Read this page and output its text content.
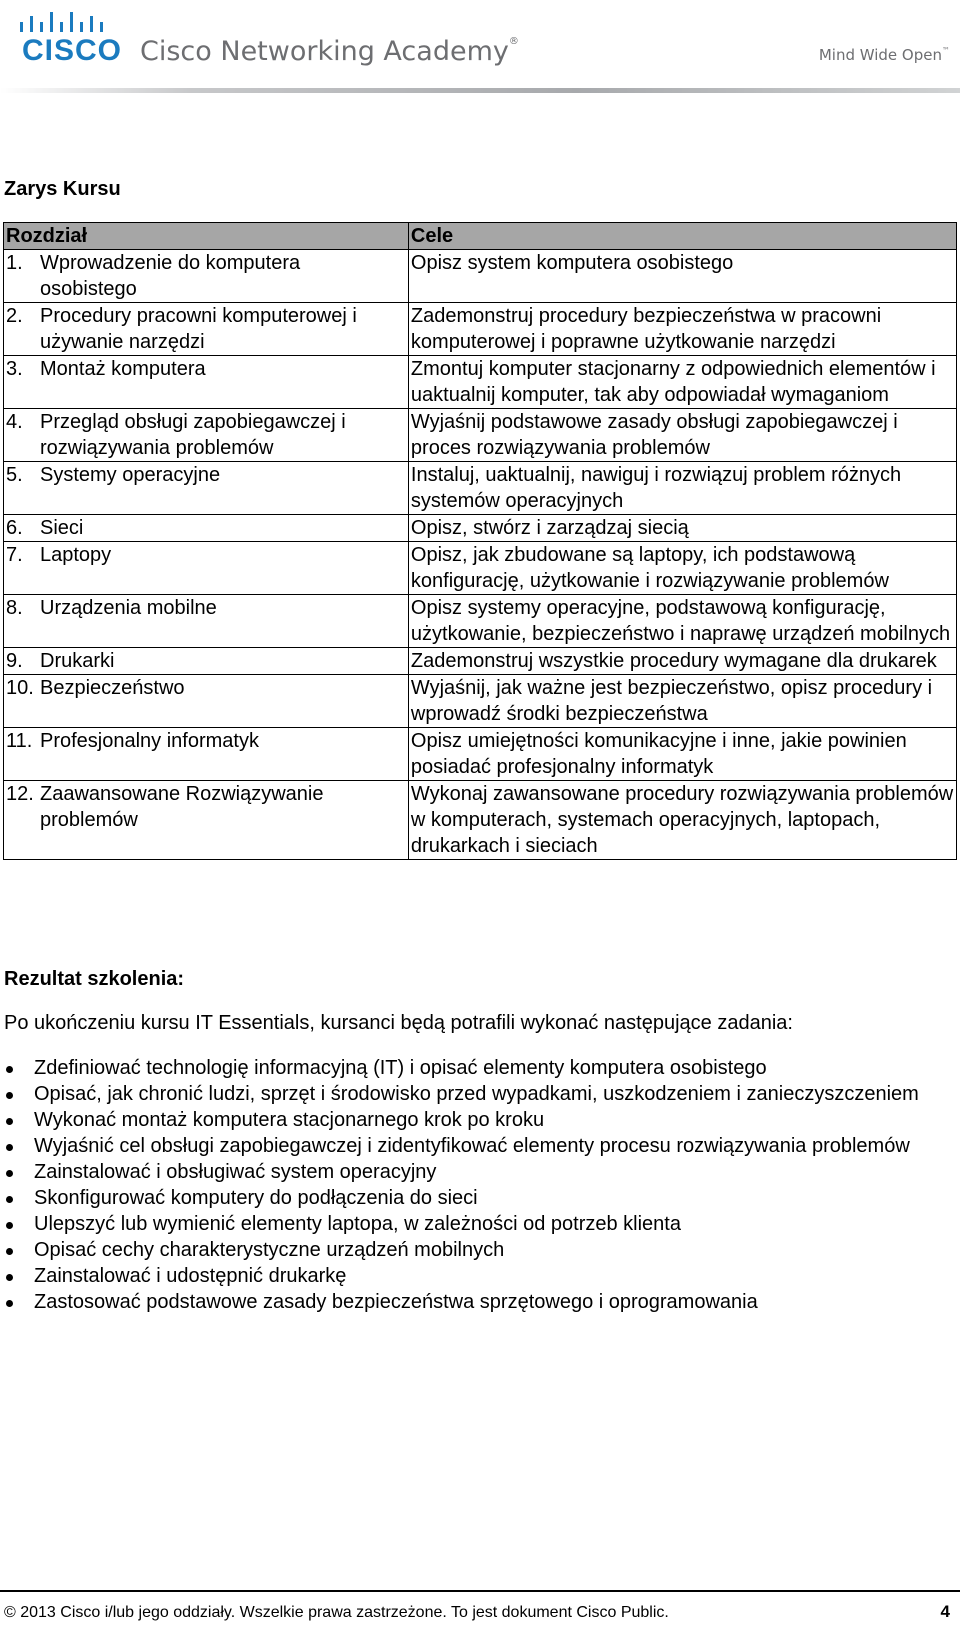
CISCO Cisco Networking Academy®
Mind Wide Open™
Zarys Kursu
Rozdział	Cele
1. Wprowadzenie do komputera osobistego	Opisz system komputera osobistego
2. Procedury pracowni komputerowej i używanie narzędzi	Zademonstruj procedury bezpieczeństwa w pracowni komputerowej i poprawne użytkowanie narzędzi
3. Montaż komputera	Zmontuj komputer stacjonarny z odpowiednich elementów i uaktualnij komputer, tak aby odpowiadał wymaganiom
4. Przegląd obsługi zapobiegawczej i rozwiązywania problemów	Wyjaśnij podstawowe zasady obsługi zapobiegawczej i proces rozwiązywania problemów
5. Systemy operacyjne	Instaluj, uaktualnij, nawiguj i rozwiązuj problem różnych systemów operacyjnych
6. Sieci	Opisz, stwórz i zarządzaj siecią
7. Laptopy	Opisz, jak zbudowane są laptopy, ich podstawową konfigurację, użytkowanie i rozwiązywanie problemów
8. Urządzenia mobilne	Opisz systemy operacyjne, podstawową konfigurację, użytkowanie, bezpieczeństwo i naprawę urządzeń mobilnych
9. Drukarki	Zademonstruj wszystkie procedury wymagane dla drukarek
10. Bezpieczeństwo	Wyjaśnij, jak ważne jest bezpieczeństwo, opisz procedury i wprowadź środki bezpieczeństwa
11. Profesjonalny informatyk	Opisz umiejętności komunikacyjne i inne, jakie powinien posiadać profesjonalny informatyk
12. Zaawansowane Rozwiązywanie problemów	Wykonaj zawansowane procedury rozwiązywania problemów w komputerach, systemach operacyjnych, laptopach, drukarkach i sieciach
Rezultat szkolenia:
Po ukończeniu kursu IT Essentials, kursanci będą potrafili wykonać następujące zadania:
Zdefiniować technologię informacyjną (IT) i opisać elementy komputera osobistego
Opisać, jak chronić ludzi, sprzęt i środowisko przed wypadkami, uszkodzeniem i zanieczyszczeniem
Wykonać montaż komputera stacjonarnego krok po kroku
Wyjaśnić cel obsługi zapobiegawczej i zidentyfikować elementy procesu rozwiązywania problemów
Zainstalować i obsługiwać system operacyjny
Skonfigurować komputery do podłączenia do sieci
Ulepszyć lub wymienić elementy laptopa, w zależności od potrzeb klienta
Opisać cechy charakterystyczne urządzeń mobilnych
Zainstalować i udostępnić drukarkę
Zastosować podstawowe zasady bezpieczeństwa sprzętowego i oprogramowania
© 2013 Cisco i/lub jego oddziały. Wszelkie prawa zastrzeżone. To jest dokument Cisco Public.	4
